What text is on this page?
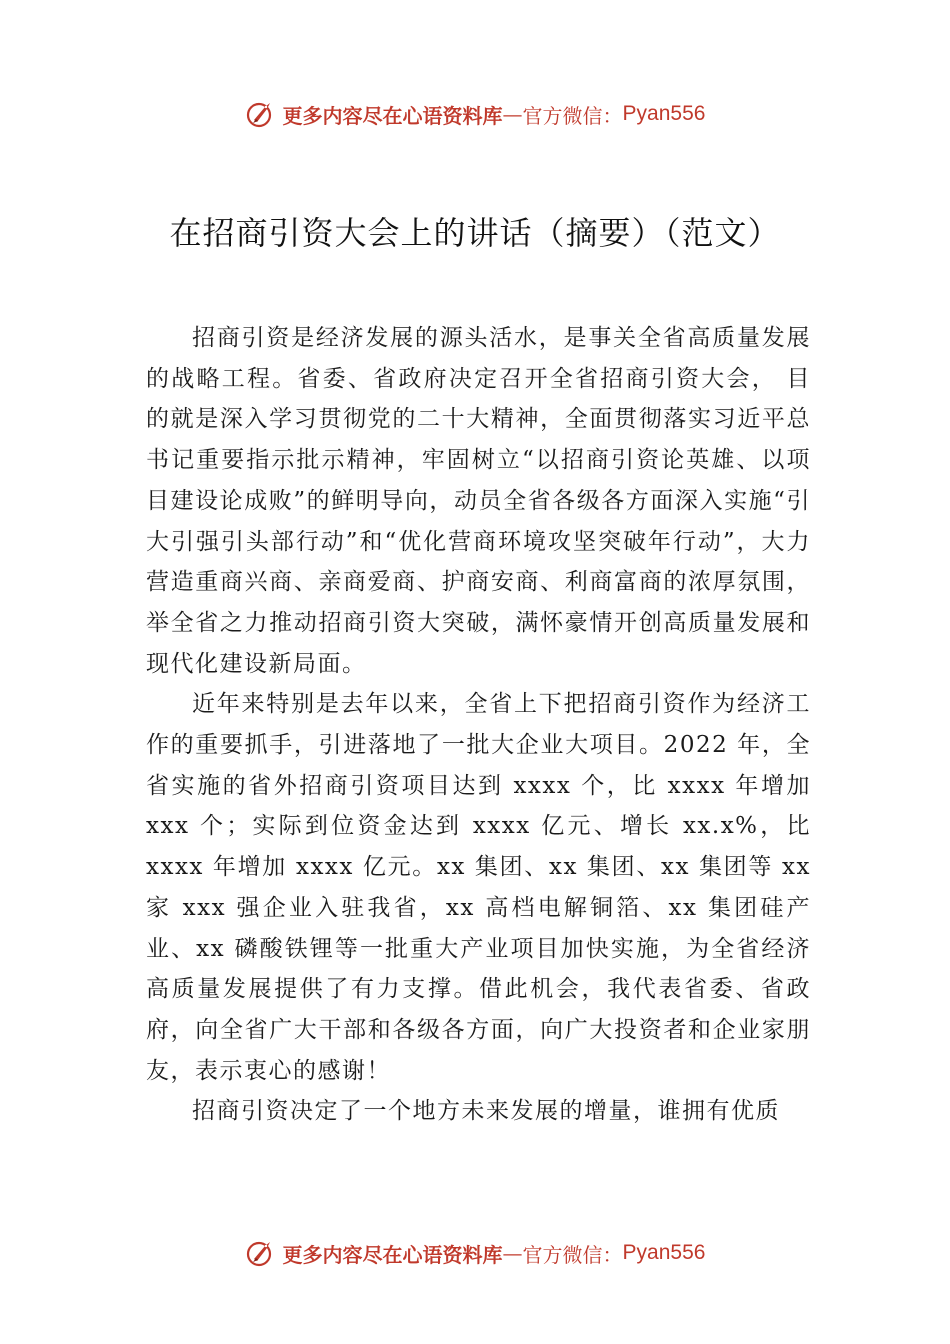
更多内容尽在心语资料库 — 官方微信： Pyan556
在招商引资大会上的讲话（摘要）（范文）

招商引资是经济发展的源头活水，是事关全省高质量发展的战略工程。省委、省政府决定召开全省招商引资大会， 目的就是深入学习贯彻党的二十大精神，全面贯彻落实习近平总书记重要指示批示精神，牢固树立“以招商引资论英雄、以项目建设论成败”的鲜明导向，动员全省各级各方面深入实施“引大引强引头部行动”和“优化营商环境攻坚突破年行动”，大力营造重商兴商、亲商爱商、护商安商、利商富商的浓厚氛围，举全省之力推动招商引资大突破，满怀豪情开创高质量发展和现代化建设新局面。

近年来特别是去年以来，全省上下把招商引资作为经济工作的重要抓手，引进落地了一批大企业大项目。2022 年，全省实施的省外招商引资项目达到 xxxx 个，比 xxxx 年增加 xxx 个；实际到位资金达到 xxxx 亿元、增长 xx.x%，比 xxxx 年增加 xxxx 亿元。xx 集团、xx 集团、xx 集团等 xx 家 xxx 强企业入驻我省，xx 高档电解铜箔、xx 集团硅产业、xx 磷酸铁锂等一批重大产业项目加快实施，为全省经济高质量发展提供了有力支撑。借此机会，我代表省委、省政府，向全省广大干部和各级各方面，向广大投资者和企业家朋友，表示衷心的感谢！

招商引资决定了一个地方未来发展的增量，谁拥有优质

更多内容尽在心语资料库 — 官方微信： Pyan556
